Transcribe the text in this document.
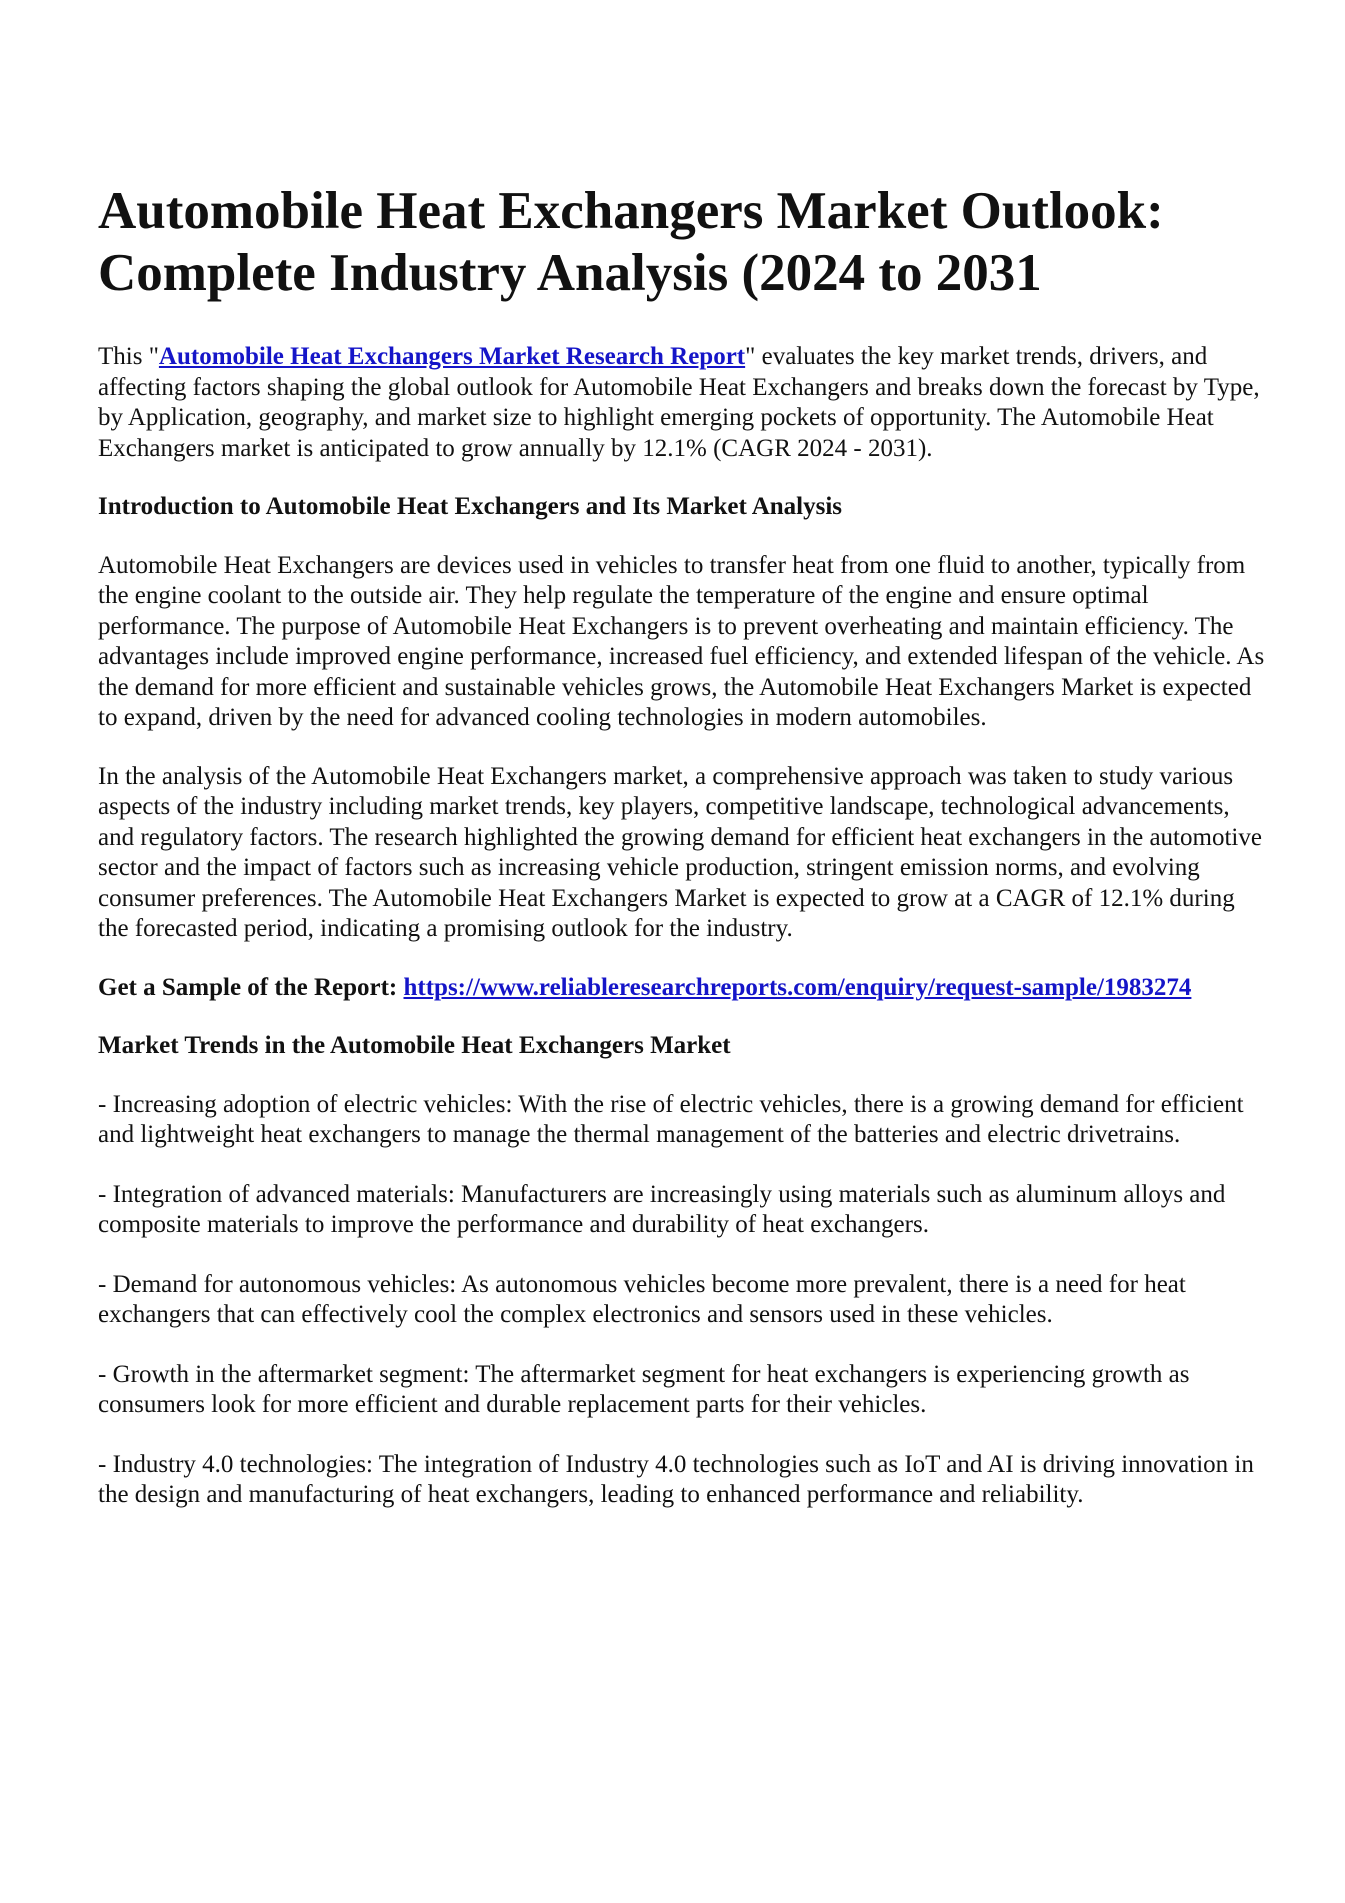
Automobile Heat Exchangers Market Outlook: Complete Industry Analysis (2024 to 2031

This "Automobile Heat Exchangers Market Research Report" evaluates the key market trends, drivers, and affecting factors shaping the global outlook for Automobile Heat Exchangers and breaks down the forecast by Type, by Application, geography, and market size to highlight emerging pockets of opportunity. The Automobile Heat Exchangers market is anticipated to grow annually by 12.1% (CAGR 2024 - 2031).

Introduction to Automobile Heat Exchangers and Its Market Analysis

Automobile Heat Exchangers are devices used in vehicles to transfer heat from one fluid to another, typically from the engine coolant to the outside air. They help regulate the temperature of the engine and ensure optimal performance. The purpose of Automobile Heat Exchangers is to prevent overheating and maintain efficiency. The advantages include improved engine performance, increased fuel efficiency, and extended lifespan of the vehicle. As the demand for more efficient and sustainable vehicles grows, the Automobile Heat Exchangers Market is expected to expand, driven by the need for advanced cooling technologies in modern automobiles.

In the analysis of the Automobile Heat Exchangers market, a comprehensive approach was taken to study various aspects of the industry including market trends, key players, competitive landscape, technological advancements, and regulatory factors. The research highlighted the growing demand for efficient heat exchangers in the automotive sector and the impact of factors such as increasing vehicle production, stringent emission norms, and evolving consumer preferences. The Automobile Heat Exchangers Market is expected to grow at a CAGR of 12.1% during the forecasted period, indicating a promising outlook for the industry.

Get a Sample of the Report: https://www.reliableresearchreports.com/enquiry/request-sample/1983274

Market Trends in the Automobile Heat Exchangers Market

- Increasing adoption of electric vehicles: With the rise of electric vehicles, there is a growing demand for efficient and lightweight heat exchangers to manage the thermal management of the batteries and electric drivetrains.

- Integration of advanced materials: Manufacturers are increasingly using materials such as aluminum alloys and composite materials to improve the performance and durability of heat exchangers.

- Demand for autonomous vehicles: As autonomous vehicles become more prevalent, there is a need for heat exchangers that can effectively cool the complex electronics and sensors used in these vehicles.

- Growth in the aftermarket segment: The aftermarket segment for heat exchangers is experiencing growth as consumers look for more efficient and durable replacement parts for their vehicles.

- Industry 4.0 technologies: The integration of Industry 4.0 technologies such as IoT and AI is driving innovation in the design and manufacturing of heat exchangers, leading to enhanced performance and reliability.
